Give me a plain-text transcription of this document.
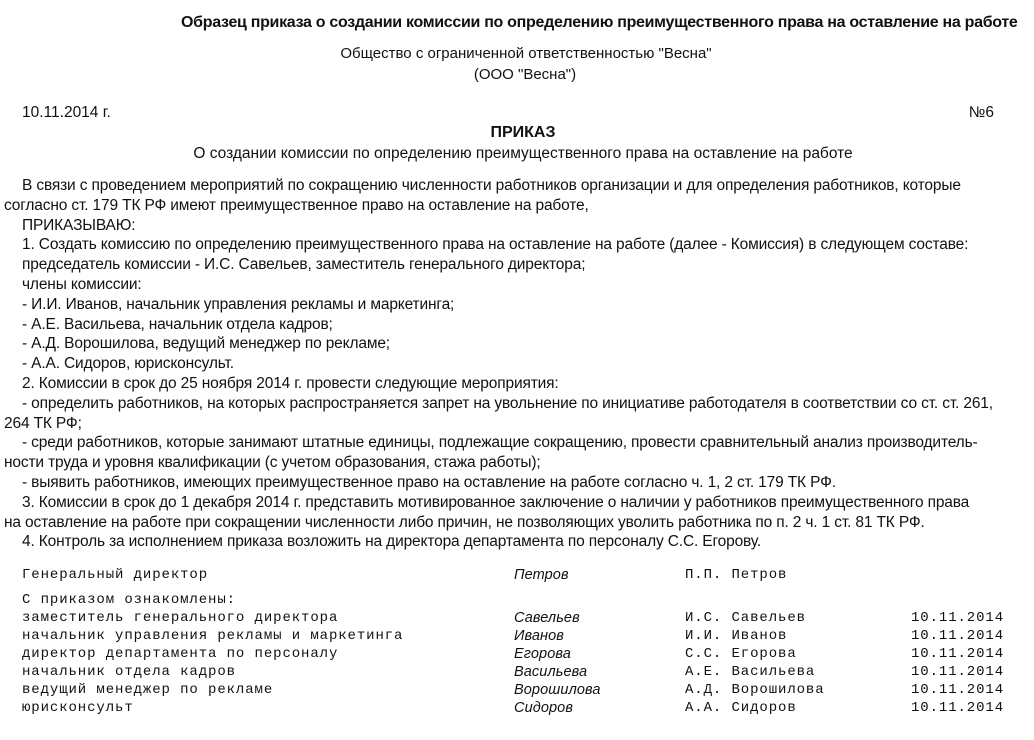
Образец приказа о создании комиссии по определению преимущественного права на оставление на работе
Общество с ограниченной ответственностью "Весна"
(ООО "Весна")
10.11.2014 г.	№6
ПРИКАЗ
О создании комиссии по определению преимущественного права на оставление на работе
В связи с проведением мероприятий по сокращению численности работников организации и для определения работников, которые
согласно ст. 179 ТК РФ имеют преимущественное право на оставление на работе,
ПРИКАЗЫВАЮ:
1. Создать комиссию по определению преимущественного права на оставление на работе (далее - Комиссия) в следующем составе:
председатель комиссии - И.С. Савельев, заместитель генерального директора;
члены комиссии:
- И.И. Иванов, начальник управления рекламы и маркетинга;
- А.Е. Васильева, начальник отдела кадров;
- А.Д. Ворошилова, ведущий менеджер по рекламе;
- А.А. Сидоров, юрисконсульт.
2. Комиссии в срок до 25 ноября 2014 г. провести следующие мероприятия:
- определить работников, на которых распространяется запрет на увольнение по инициативе работодателя в соответствии со ст. ст. 261,
264 ТК РФ;
- среди работников, которые занимают штатные единицы, подлежащие сокращению, провести сравнительный анализ производитель-
ности труда и уровня квалификации (с учетом образования, стажа работы);
- выявить работников, имеющих преимущественное право на оставление на работе согласно ч. 1, 2 ст. 179 ТК РФ.
3. Комиссии в срок до 1 декабря 2014 г. представить мотивированное заключение о наличии у работников преимущественного права
на оставление на работе при сокращении численности либо причин, не позволяющих уволить работника по п. 2 ч. 1 ст. 81 ТК РФ.
4. Контроль за исполнением приказа возложить на директора департамента по персоналу С.С. Егорову.
Генеральный директор	Петров	П.П. Петров
С приказом ознакомлены:
заместитель генерального директора	Савельев	И.С. Савельев	10.11.2014
начальник управления рекламы и маркетинга	Иванов	И.И. Иванов	10.11.2014
директор департамента по персоналу	Егорова	С.С. Егорова	10.11.2014
начальник отдела кадров	Васильева	А.Е. Васильева	10.11.2014
ведущий менеджер по рекламе	Ворошилова	А.Д. Ворошилова	10.11.2014
юрисконсульт	Сидоров	А.А. Сидоров	10.11.2014
